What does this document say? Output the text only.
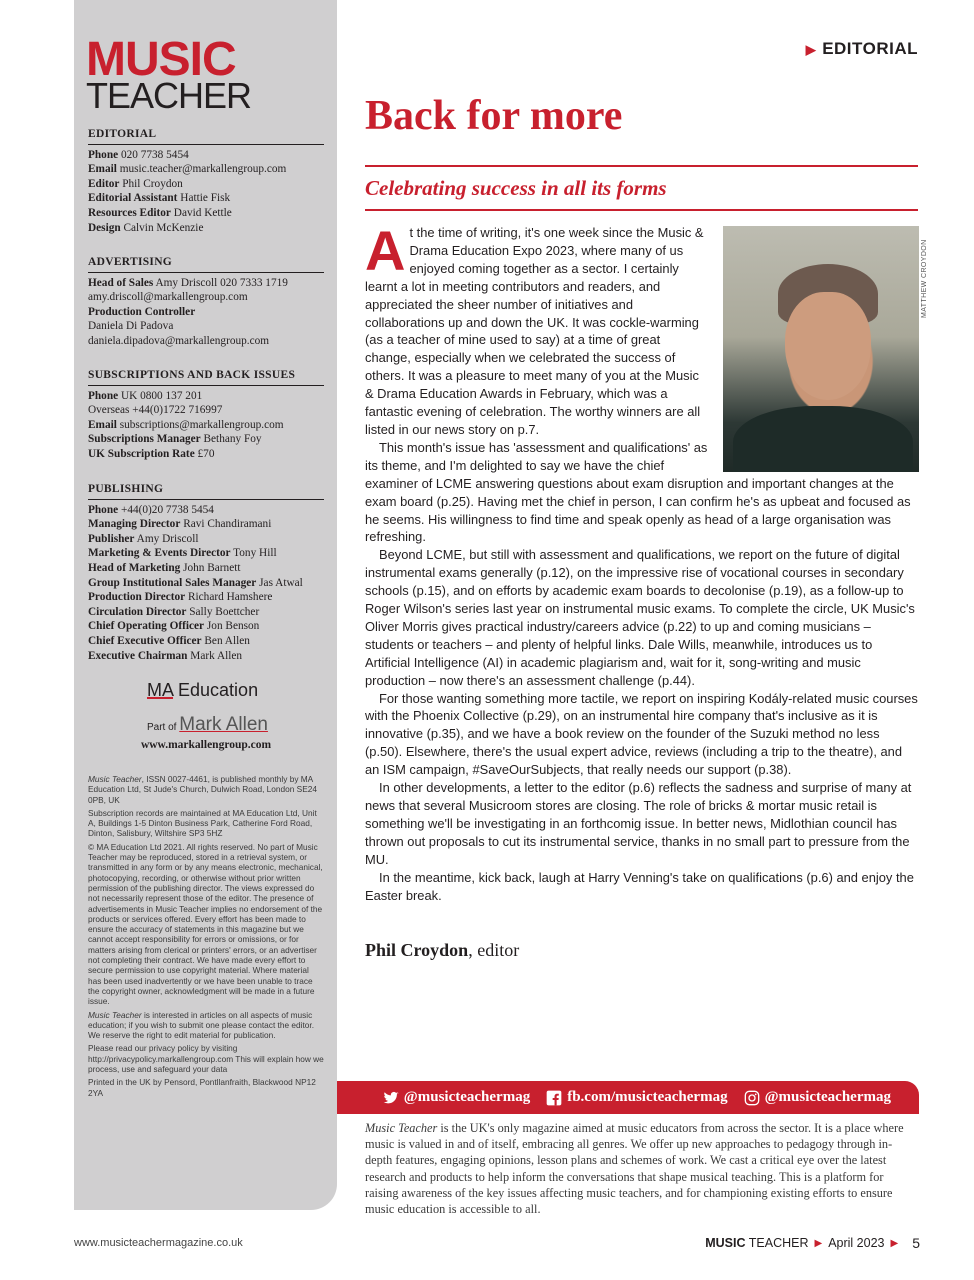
MUSIC
TEACHER
EDITORIAL
Phone 020 7738 5454
Email music.teacher@markallengroup.com
Editor Phil Croydon
Editorial Assistant Hattie Fisk
Resources Editor David Kettle
Design Calvin McKenzie
ADVERTISING
Head of Sales Amy Driscoll 020 7333 1719
amy.driscoll@markallengroup.com
Production Controller
Daniela Di Padova
daniela.dipadova@markallengroup.com
SUBSCRIPTIONS AND BACK ISSUES
Phone UK 0800 137 201
Overseas +44(0)1722 716997
Email subscriptions@markallengroup.com
Subscriptions Manager Bethany Foy
UK Subscription Rate £70
PUBLISHING
Phone +44(0)20 7738 5454
Managing Director Ravi Chandiramani
Publisher Amy Driscoll
Marketing & Events Director Tony Hill
Head of Marketing John Barnett
Group Institutional Sales Manager Jas Atwal
Production Director Richard Hamshere
Circulation Director Sally Boettcher
Chief Operating Officer Jon Benson
Chief Executive Officer Ben Allen
Executive Chairman Mark Allen
MA Education
Part of Mark Allen
www.markallengroup.com

Music Teacher, ISSN 0027-4461, is published monthly by MA Education Ltd, St Jude's Church, Dulwich Road, London SE24 0PB, UK

Subscription records are maintained at MA Education Ltd, Unit A, Buildings 1-5 Dinton Business Park, Catherine Ford Road, Dinton, Salisbury, Wiltshire SP3 5HZ

© MA Education Ltd 2021. All rights reserved. No part of Music Teacher may be reproduced, stored in a retrieval system, or transmitted in any form or by any means electronic, mechanical, photocopying, recording, or otherwise without prior written permission of the publishing director. The views expressed do not necessarily represent those of the editor. The presence of advertisements in Music Teacher implies no endorsement of the products or services offered. Every effort has been made to ensure the accuracy of statements in this magazine but we cannot accept responsibility for errors or omissions, or for matters arising from clerical or printers' errors, or an advertiser not completing their contract. We have made every effort to secure permission to use copyright material. Where material has been used inadvertently or we have been unable to trace the copyright owner, acknowledgment will be made in a future issue.

Music Teacher is interested in articles on all aspects of music education; if you wish to submit one please contact the editor. We reserve the right to edit material for publication.

Please read our privacy policy by visiting http://privacypolicy.markallengroup.com This will explain how we process, use and safeguard your data

Printed in the UK by Pensord, Pontllanfraith, Blackwood NP12 2YA

▶ EDITORIAL
Back for more
Celebrating success in all its forms
MATTHEW CROYDON

At the time of writing, it's one week since the Music & Drama Education Expo 2023, where many of us enjoyed coming together as a sector. I certainly learnt a lot in meeting contributors and readers, and appreciated the sheer number of initiatives and collaborations up and down the UK. It was cockle-warming (as a teacher of mine used to say) at a time of great change, especially when we celebrated the success of others. It was a pleasure to meet many of you at the Music & Drama Education Awards in February, which was a fantastic evening of celebration. The worthy winners are all listed in our news story on p.7.

This month's issue has 'assessment and qualifications' as its theme, and I'm delighted to say we have the chief examiner of LCME answering questions about exam disruption and important changes at the exam board (p.25). Having met the chief in person, I can confirm he's as upbeat and focused as he seems. His willingness to find time and speak openly as head of a large organisation was refreshing.

Beyond LCME, but still with assessment and qualifications, we report on the future of digital instrumental exams generally (p.12), on the impressive rise of vocational courses in secondary schools (p.15), and on efforts by academic exam boards to decolonise (p.19), as a follow-up to Roger Wilson's series last year on instrumental music exams. To complete the circle, UK Music's Oliver Morris gives practical industry/careers advice (p.22) to up and coming musicians – students or teachers – and plenty of helpful links. Dale Wills, meanwhile, introduces us to Artificial Intelligence (AI) in academic plagiarism and, wait for it, song-writing and music production – now there's an assessment challenge (p.44).

For those wanting something more tactile, we report on inspiring Kodály-related music courses with the Phoenix Collective (p.29), on an instrumental hire company that's inclusive as it is innovative (p.35), and we have a book review on the founder of the Suzuki method no less (p.50). Elsewhere, there's the usual expert advice, reviews (including a trip to the theatre), and an ISM campaign, #SaveOurSubjects, that really needs our support (p.38).

In other developments, a letter to the editor (p.6) reflects the sadness and surprise of many at news that several Musicroom stores are closing. The role of bricks & mortar music retail is something we'll be investigating in an forthcomig issue. In better news, Midlothian council has thrown out proposals to cut its instrumental service, thanks in no small part to pressure from the MU.

In the meantime, kick back, laugh at Harry Venning's take on qualifications (p.6) and enjoy the Easter break.

Phil Croydon, editor
@musicteachermag fb.com/musicteachermag @musicteachermag
Music Teacher is the UK's only magazine aimed at music educators from across the sector. It is a place where music is valued in and of itself, embracing all genres. We offer up new approaches to pedagogy through in-depth features, engaging opinions, lesson plans and schemes of work. We cast a critical eye over the latest research and products to help inform the conversations that shape musical teaching. This is a platform for raising awareness of the key issues affecting music teachers, and for championing existing efforts to ensure music education is accessible to all.
www.musicteachermagazine.co.uk	MUSIC TEACHER ▶ April 2023 ▶ 5
